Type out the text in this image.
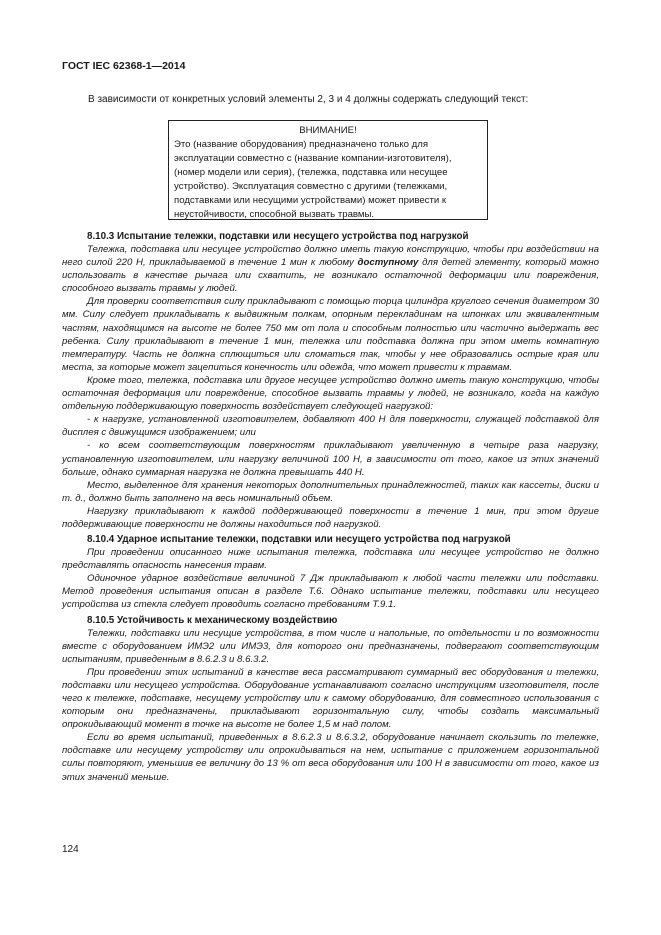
ГОСТ IEC 62368-1—2014
В зависимости от конкретных условий элементы 2, 3 и 4 должны содержать следующий текст:
ВНИМАНИЕ!
Это (название оборудования) предназначено только для эксплуатации совместно с (название компании-изготовителя), (номер модели или серия), (тележка, подставка или несущее устройство). Эксплуатация совместно с другими (тележками, подставками или несущими устройствами) может привести к неустойчивости, способной вызвать травмы.

8.10.3 Испытание тележки, подставки или несущего устройства под нагрузкой

Тележка, подставка или несущее устройство должно иметь такую конструкцию, чтобы при воздействии на него силой 220 Н, прикладываемой в течение 1 мин к любому доступному для детей элементу, который можно использовать в качестве рычага или схватить, не возникало остаточной деформации или повреждения, способного вызвать травмы у людей.

Для проверки соответствия силу прикладывают с помощью торца цилиндра круглого сечения диаметром 30 мм. Силу следует прикладывать к выдвижным полкам, опорным перекладинам на шпонках или эквивалентным частям, находящимся на высоте не более 750 мм от пола и способным полностью или частично выдержать вес ребенка. Силу прикладывают в течение 1 мин, тележка или подставка должна при этом иметь комнатную температуру. Часть не должна сплющиться или сломаться так, чтобы у нее образовались острые края или места, за которые может зацепиться конечность или одежда, что может привести к травмам.

Кроме того, тележка, подставка или другое несущее устройство должно иметь такую конструкцию, чтобы остаточная деформация или повреждение, способное вызвать травмы у людей, не возникало, когда на каждую отдельную поддерживающую поверхность воздействует следующей нагрузкой:

- к нагрузке, установленной изготовителем, добавляют 400 Н для поверхности, служащей подставкой для дисплея с движущимся изображением; или

- ко всем соответствующим поверхностям прикладывают увеличенную в четыре раза нагрузку, установленную изготовителем, или нагрузку величиной 100 Н, в зависимости от того, какое из этих значений больше, однако суммарная нагрузка не должна превышать 440 Н.

Место, выделенное для хранения некоторых дополнительных принадлежностей, таких как кассеты, диски и т. д., должно быть заполнено на весь номинальный объем.

Нагрузку прикладывают к каждой поддерживающей поверхности в течение 1 мин, при этом другие поддерживающие поверхности не должны находиться под нагрузкой.

8.10.4 Ударное испытание тележки, подставки или несущего устройства под нагрузкой

При проведении описанного ниже испытания тележка, подставка или несущее устройство не должно представлять опасность нанесения травм.

Одиночное ударное воздействие величиной 7 Дж прикладывают к любой части тележки или подставки. Метод проведения испытания описан в разделе Т.6. Однако испытание тележки, подставки или несущего устройства из стекла следует проводить согласно требованиям Т.9.1.

8.10.5 Устойчивость к механическому воздействию

Тележки, подставки или несущие устройства, в том числе и напольные, по отдельности и по возможности вместе с оборудованием ИМЭ2 или ИМЭ3, для которого они предназначены, подвергают соответствующим испытаниям, приведенным в 8.6.2.3 и 8.6.3.2.

При проведении этих испытаний в качестве веса рассматривают суммарный вес оборудования и тележки, подставки или несущего устройства. Оборудование устанавливают согласно инструкциям изготовителя, после чего к тележке, подставке, несущему устройству или к самому оборудованию, для совместного использования с которым они предназначены, прикладывают горизонтальную силу, чтобы создать максимальный опрокидывающий момент в точке на высоте не более 1,5 м над полом.

Если во время испытаний, приведенных в 8.6.2.3 и 8.6.3.2, оборудование начинает скользить по тележке, подставке или несущему устройству или опрокидываться на нем, испытание с приложением горизонтальной силы повторяют, уменьшив ее величину до 13 % от веса оборудования или 100 Н в зависимости от того, какое из этих значений меньше.

124
